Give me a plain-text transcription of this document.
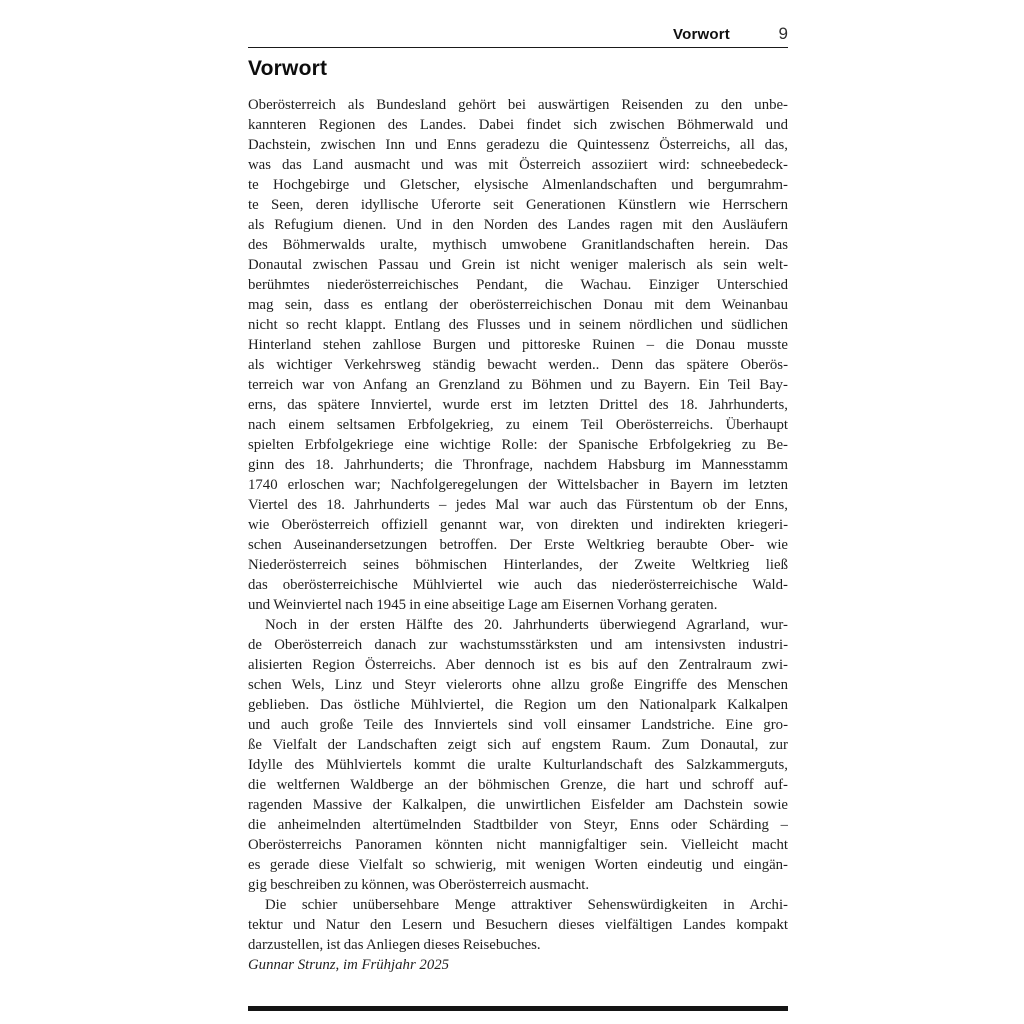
Vorwort	9
Vorwort
Oberösterreich als Bundesland gehört bei auswärtigen Reisenden zu den unbe-
kannteren Regionen des Landes. Dabei findet sich zwischen Böhmerwald und
Dachstein, zwischen Inn und Enns geradezu die Quintessenz Österreichs, all das,
was das Land ausmacht und was mit Österreich assoziiert wird: schneebedeck-
te Hochgebirge und Gletscher, elysische Almenlandschaften und bergumrahm-
te Seen, deren idyllische Uferorte seit Generationen Künstlern wie Herrschern
als Refugium dienen. Und in den Norden des Landes ragen mit den Ausläufern
des Böhmerwalds uralte, mythisch umwobene Granitlandschaften herein. Das
Donautal zwischen Passau und Grein ist nicht weniger malerisch als sein welt-
berühmtes niederösterreichisches Pendant, die Wachau. Einziger Unterschied
mag sein, dass es entlang der oberösterreichischen Donau mit dem Weinanbau
nicht so recht klappt. Entlang des Flusses und in seinem nördlichen und südlichen
Hinterland stehen zahllose Burgen und pittoreske Ruinen – die Donau musste
als wichtiger Verkehrsweg ständig bewacht werden.. Denn das spätere Oberös-
terreich war von Anfang an Grenzland zu Böhmen und zu Bayern. Ein Teil Bay-
erns, das spätere Innviertel, wurde erst im letzten Drittel des 18. Jahrhunderts,
nach einem seltsamen Erbfolgekrieg, zu einem Teil Oberösterreichs. Überhaupt
spielten Erbfolgekriege eine wichtige Rolle: der Spanische Erbfolgekrieg zu Be-
ginn des 18. Jahrhunderts; die Thronfrage, nachdem Habsburg im Mannesstamm
1740 erloschen war; Nachfolgeregelungen der Wittelsbacher in Bayern im letzten
Viertel des 18. Jahrhunderts – jedes Mal war auch das Fürstentum ob der Enns,
wie Oberösterreich offiziell genannt war, von direkten und indirekten kriegeri-
schen Auseinandersetzungen betroffen. Der Erste Weltkrieg beraubte Ober- wie
Niederösterreich seines böhmischen Hinterlandes, der Zweite Weltkrieg ließ
das oberösterreichische Mühlviertel wie auch das niederösterreichische Wald-
und Weinviertel nach 1945 in eine abseitige Lage am Eisernen Vorhang geraten.
Noch in der ersten Hälfte des 20. Jahrhunderts überwiegend Agrarland, wur-
de Oberösterreich danach zur wachstumsstärksten und am intensivsten industri-
alisierten Region Österreichs. Aber dennoch ist es bis auf den Zentralraum zwi-
schen Wels, Linz und Steyr vielerorts ohne allzu große Eingriffe des Menschen
geblieben. Das östliche Mühlviertel, die Region um den Nationalpark Kalkalpen
und auch große Teile des Innviertels sind voll einsamer Landstriche. Eine gro-
ße Vielfalt der Landschaften zeigt sich auf engstem Raum. Zum Donautal, zur
Idylle des Mühlviertels kommt die uralte Kulturlandschaft des Salzkammerguts,
die weltfernen Waldberge an der böhmischen Grenze, die hart und schroff auf-
ragenden Massive der Kalkalpen, die unwirtlichen Eisfelder am Dachstein sowie
die anheimelnden altertümelnden Stadtbilder von Steyr, Enns oder Schärding –
Oberösterreichs Panoramen könnten nicht mannigfaltiger sein. Vielleicht macht
es gerade diese Vielfalt so schwierig, mit wenigen Worten eindeutig und eingän-
gig beschreiben zu können, was Oberösterreich ausmacht.
Die schier unübersehbare Menge attraktiver Sehenswürdigkeiten in Archi-
tektur und Natur den Lesern und Besuchern dieses vielfältigen Landes kompakt
darzustellen, ist das Anliegen dieses Reisebuches.
Gunnar Strunz, im Frühjahr 2025
